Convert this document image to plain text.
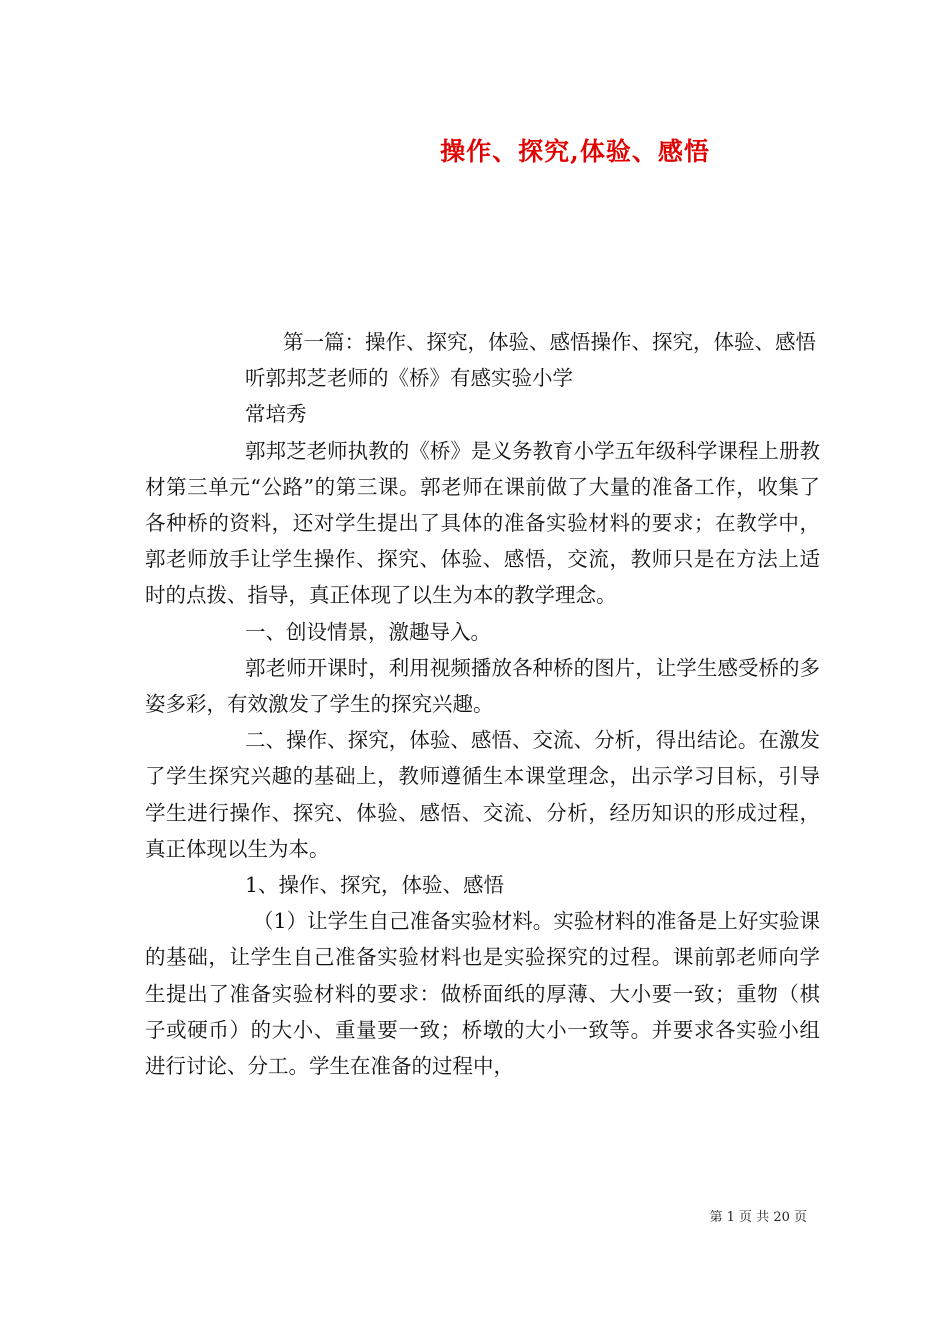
操作、探究,体验、感悟

第一篇：操作、探究，体验、感悟操作、探究，体验、感悟

听郭邦芝老师的《桥》有感实验小学

常培秀

郭邦芝老师执教的《桥》是义务教育小学五年级科学课程上册教材第三单元“公路”的第三课。郭老师在课前做了大量的准备工作，收集了各种桥的资料，还对学生提出了具体的准备实验材料的要求；在教学中，郭老师放手让学生操作、探究、体验、感悟，交流，教师只是在方法上适时的点拨、指导，真正体现了以生为本的教学理念。

一、创设情景，激趣导入。

郭老师开课时，利用视频播放各种桥的图片，让学生感受桥的多姿多彩，有效激发了学生的探究兴趣。

二、操作、探究，体验、感悟、交流、分析，得出结论。在激发了学生探究兴趣的基础上，教师遵循生本课堂理念，出示学习目标，引导学生进行操作、探究、体验、感悟、交流、分析，经历知识的形成过程，真正体现以生为本。

1、操作、探究，体验、感悟

（1）让学生自己准备实验材料。实验材料的准备是上好实验课的基础，让学生自己准备实验材料也是实验探究的过程。课前郭老师向学生提出了准备实验材料的要求：做桥面纸的厚薄、大小要一致；重物（棋子或硬币）的大小、重量要一致；桥墩的大小一致等。并要求各实验小组进行讨论、分工。学生在准备的过程中，

第 1 页 共 20 页
